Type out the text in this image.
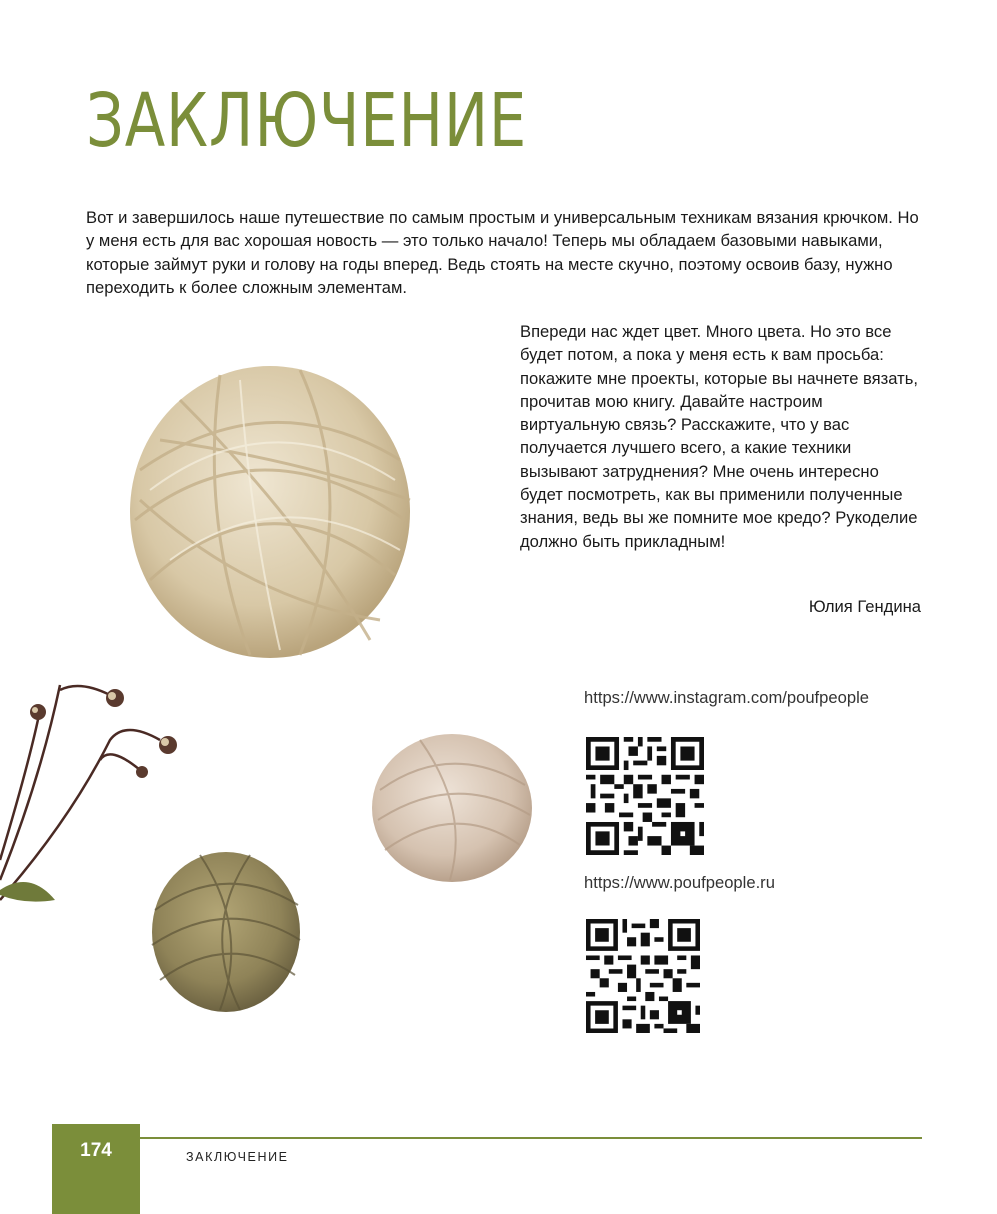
ЗАКЛЮЧЕНИЕ

Вот и завершилось наше путешествие по самым простым и универсальным техникам вязания крючком. Но у меня есть для вас хорошая новость — это только начало! Теперь мы обладаем базовыми навыками, которые займут руки и голову на годы вперед. Ведь стоять на месте скучно, поэтому освоив базу, нужно переходить к более сложным элементам.

Впереди нас ждет цвет. Много цвета. Но это все будет потом, а пока у меня есть к вам просьба: покажите мне проекты, которые вы начнете вязать, прочитав мою книгу. Давайте настроим виртуальную связь? Расскажите, что у вас получается лучшего всего, а какие техники вызывают затруднения? Мне очень интересно будет посмотреть, как вы применили полученные знания, ведь вы же помните мое кредо? Рукоделие должно быть прикладным!

Юлия Гендина

https://www.instagram.com/poufpeople

https://www.poufpeople.ru

174	ЗАКЛЮЧЕНИЕ
